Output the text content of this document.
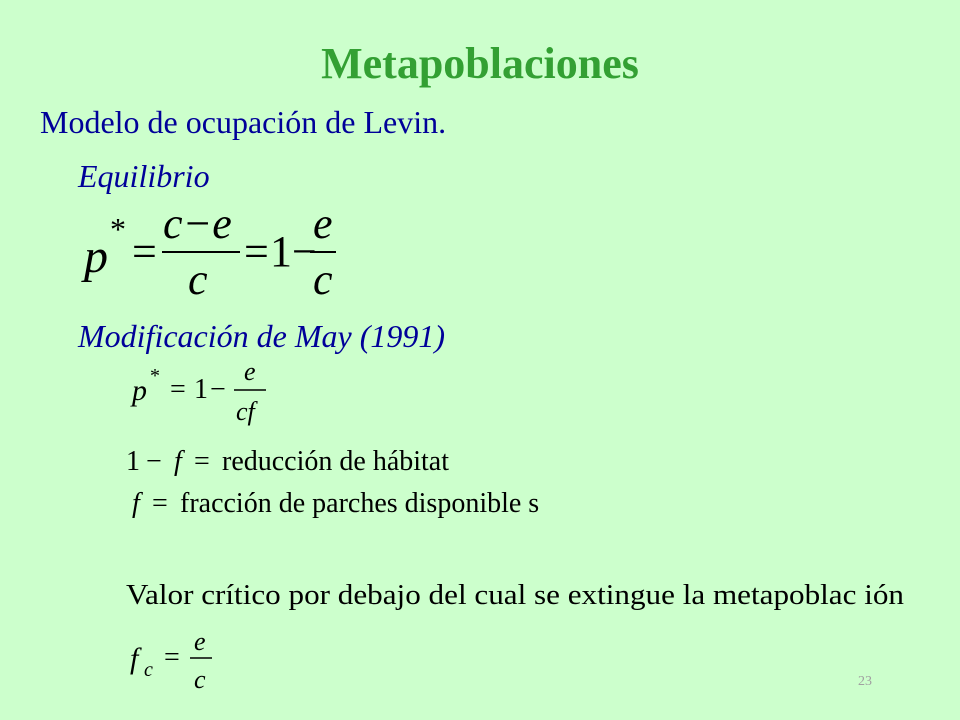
Metapoblaciones
Modelo de ocupación de Levin.
Equilibrio
p
* =
c−e
c
= 1 −
e
c
Modificación de May (1991)
p * = 1 −
e
cf
1 − f = reducción de hábitat
f = fracción de parches disponible s
Valor crítico por debajo del cual se extingue la metapoblac ión
f c =
e
c	23
